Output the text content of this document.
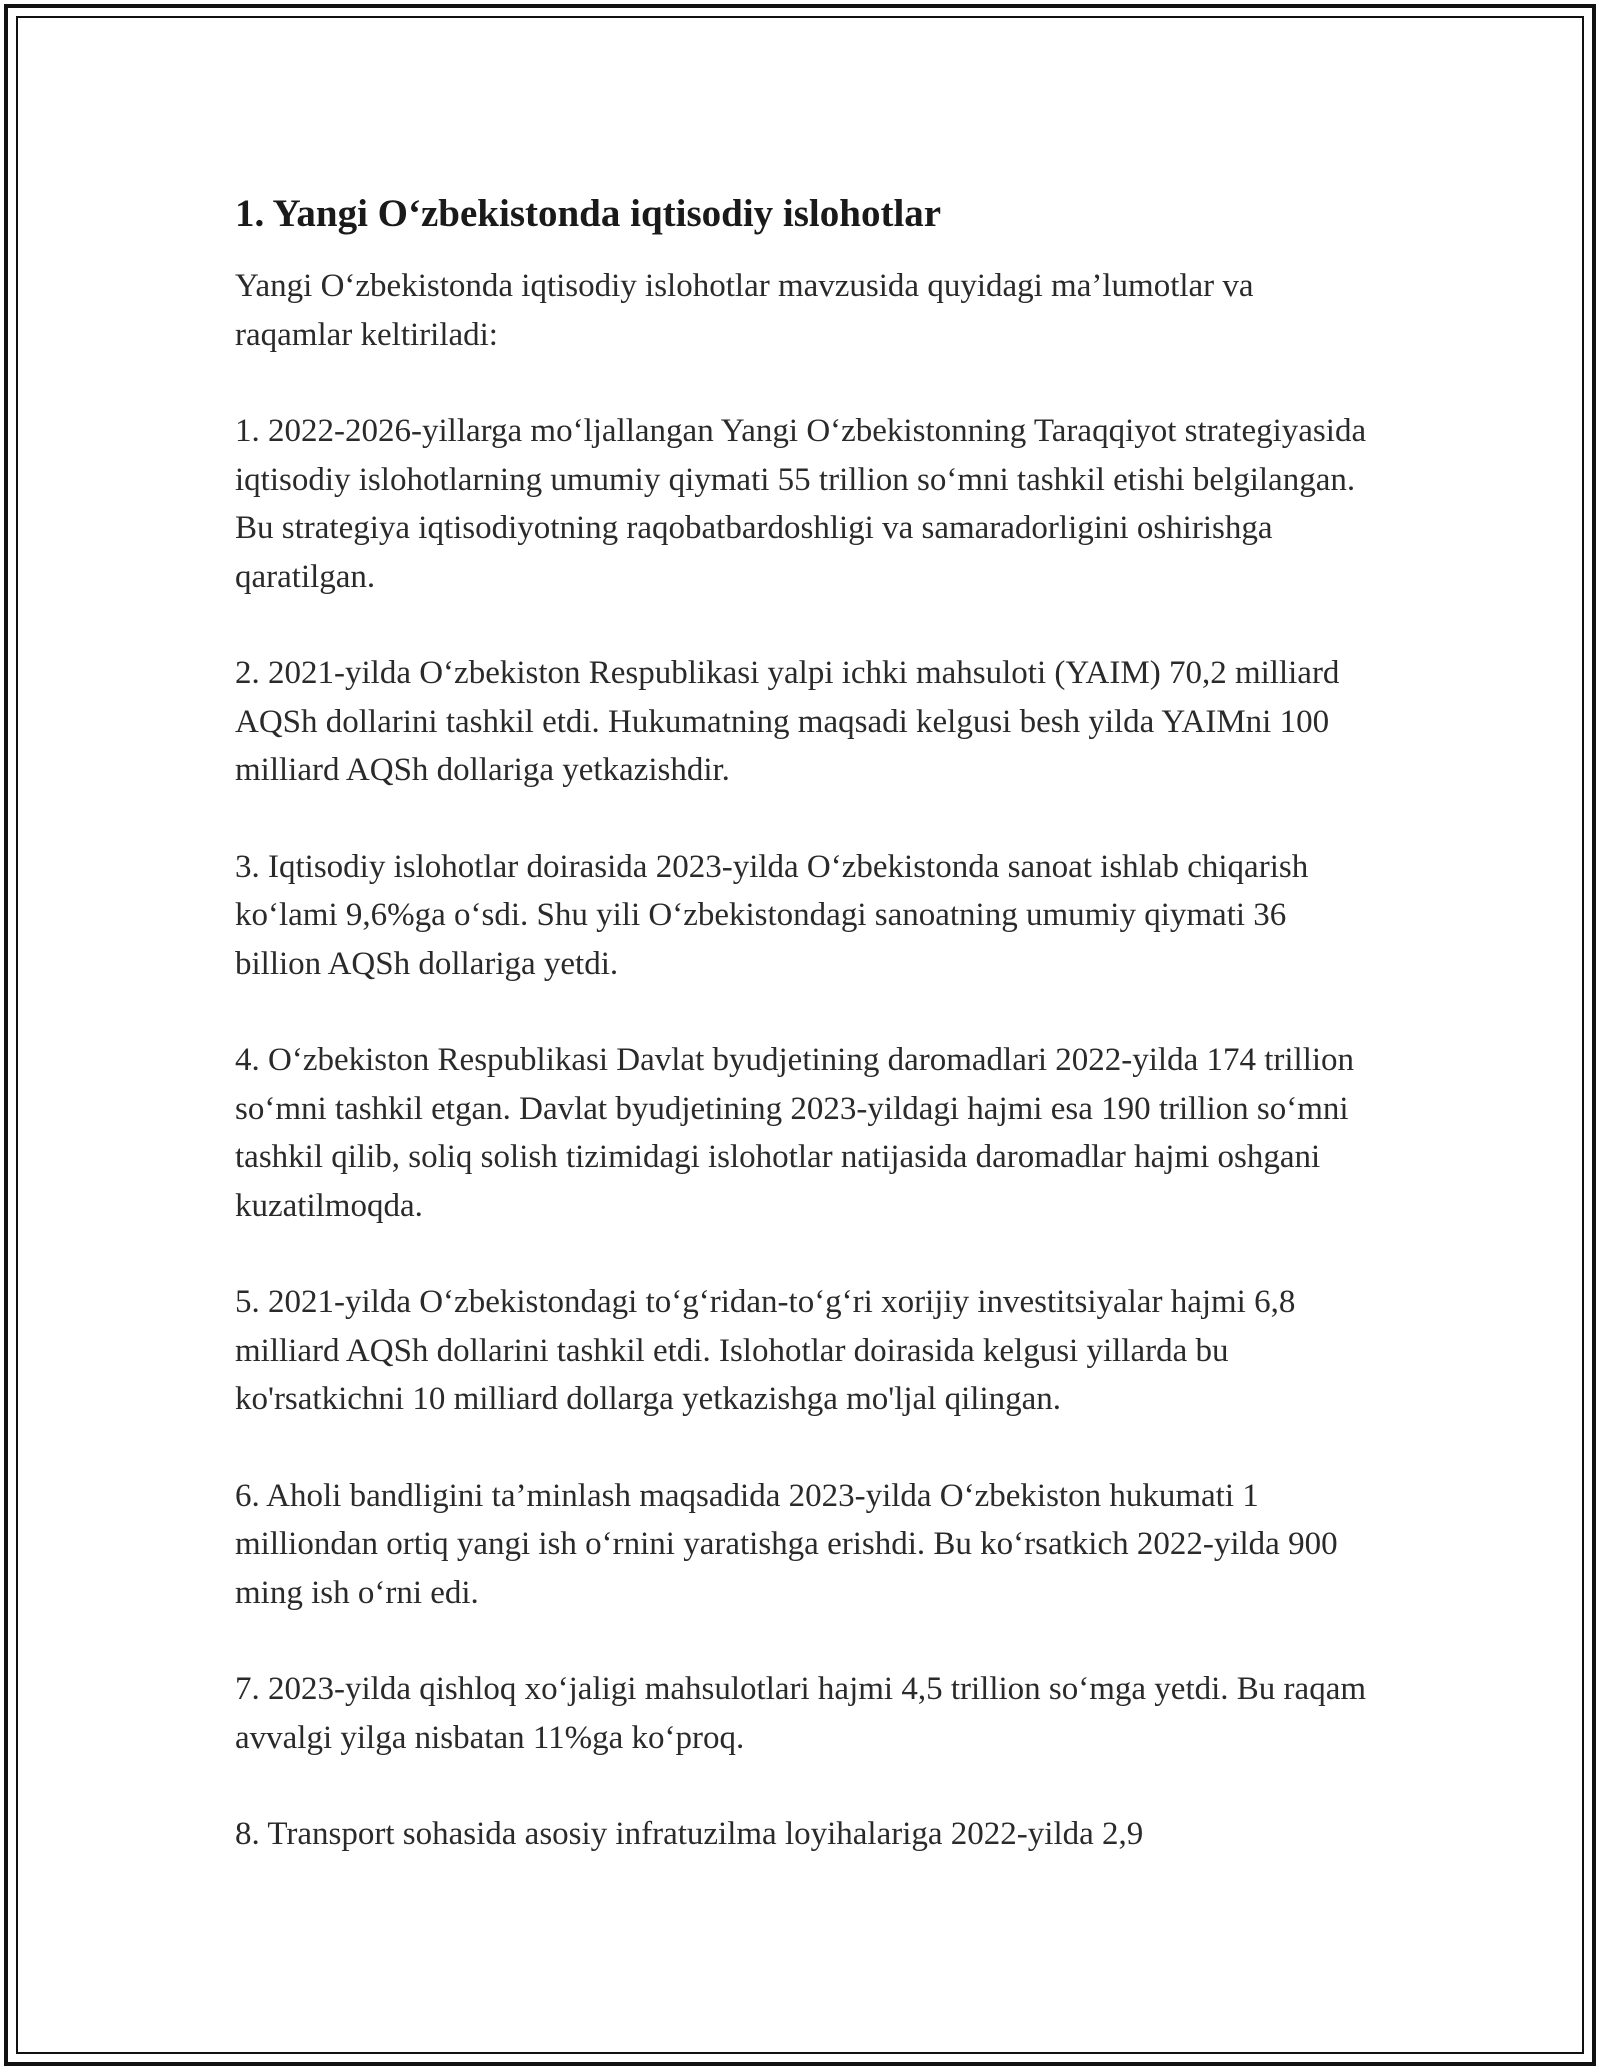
1. Yangi O‘zbekistonda iqtisodiy islohotlar

Yangi O‘zbekistonda iqtisodiy islohotlar mavzusida quyidagi ma’lumotlar va raqamlar keltiriladi:

1. 2022-2026-yillarga mo‘ljallangan Yangi O‘zbekistonning Taraqqiyot strategiyasida iqtisodiy islohotlarning umumiy qiymati 55 trillion so‘mni tashkil etishi belgilangan. Bu strategiya iqtisodiyotning raqobatbardoshligi va samaradorligini oshirishga qaratilgan.

2. 2021-yilda O‘zbekiston Respublikasi yalpi ichki mahsuloti (YAIM) 70,2 milliard AQSh dollarini tashkil etdi. Hukumatning maqsadi kelgusi besh yilda YAIMni 100 milliard AQSh dollariga yetkazishdir.

3. Iqtisodiy islohotlar doirasida 2023-yilda O‘zbekistonda sanoat ishlab chiqarish ko‘lami 9,6%ga o‘sdi. Shu yili O‘zbekistondagi sanoatning umumiy qiymati 36 billion AQSh dollariga yetdi.

4. O‘zbekiston Respublikasi Davlat byudjetining daromadlari 2022-yilda 174 trillion so‘mni tashkil etgan. Davlat byudjetining 2023-yildagi hajmi esa 190 trillion so‘mni tashkil qilib, soliq solish tizimidagi islohotlar natijasida daromadlar hajmi oshgani kuzatilmoqda.

5. 2021-yilda O‘zbekistondagi to‘g‘ridan-to‘g‘ri xorijiy investitsiyalar hajmi 6,8 milliard AQSh dollarini tashkil etdi. Islohotlar doirasida kelgusi yillarda bu ko'rsatkichni 10 milliard dollarga yetkazishga mo'ljal qilingan.

6. Aholi bandligini ta’minlash maqsadida 2023-yilda O‘zbekiston hukumati 1 milliondan ortiq yangi ish o‘rnini yaratishga erishdi. Bu ko‘rsatkich 2022-yilda 900 ming ish o‘rni edi.

7. 2023-yilda qishloq xo‘jaligi mahsulotlari hajmi 4,5 trillion so‘mga yetdi. Bu raqam avvalgi yilga nisbatan 11%ga ko‘proq.

8. Transport sohasida asosiy infratuzilma loyihalariga 2022-yilda 2,9
